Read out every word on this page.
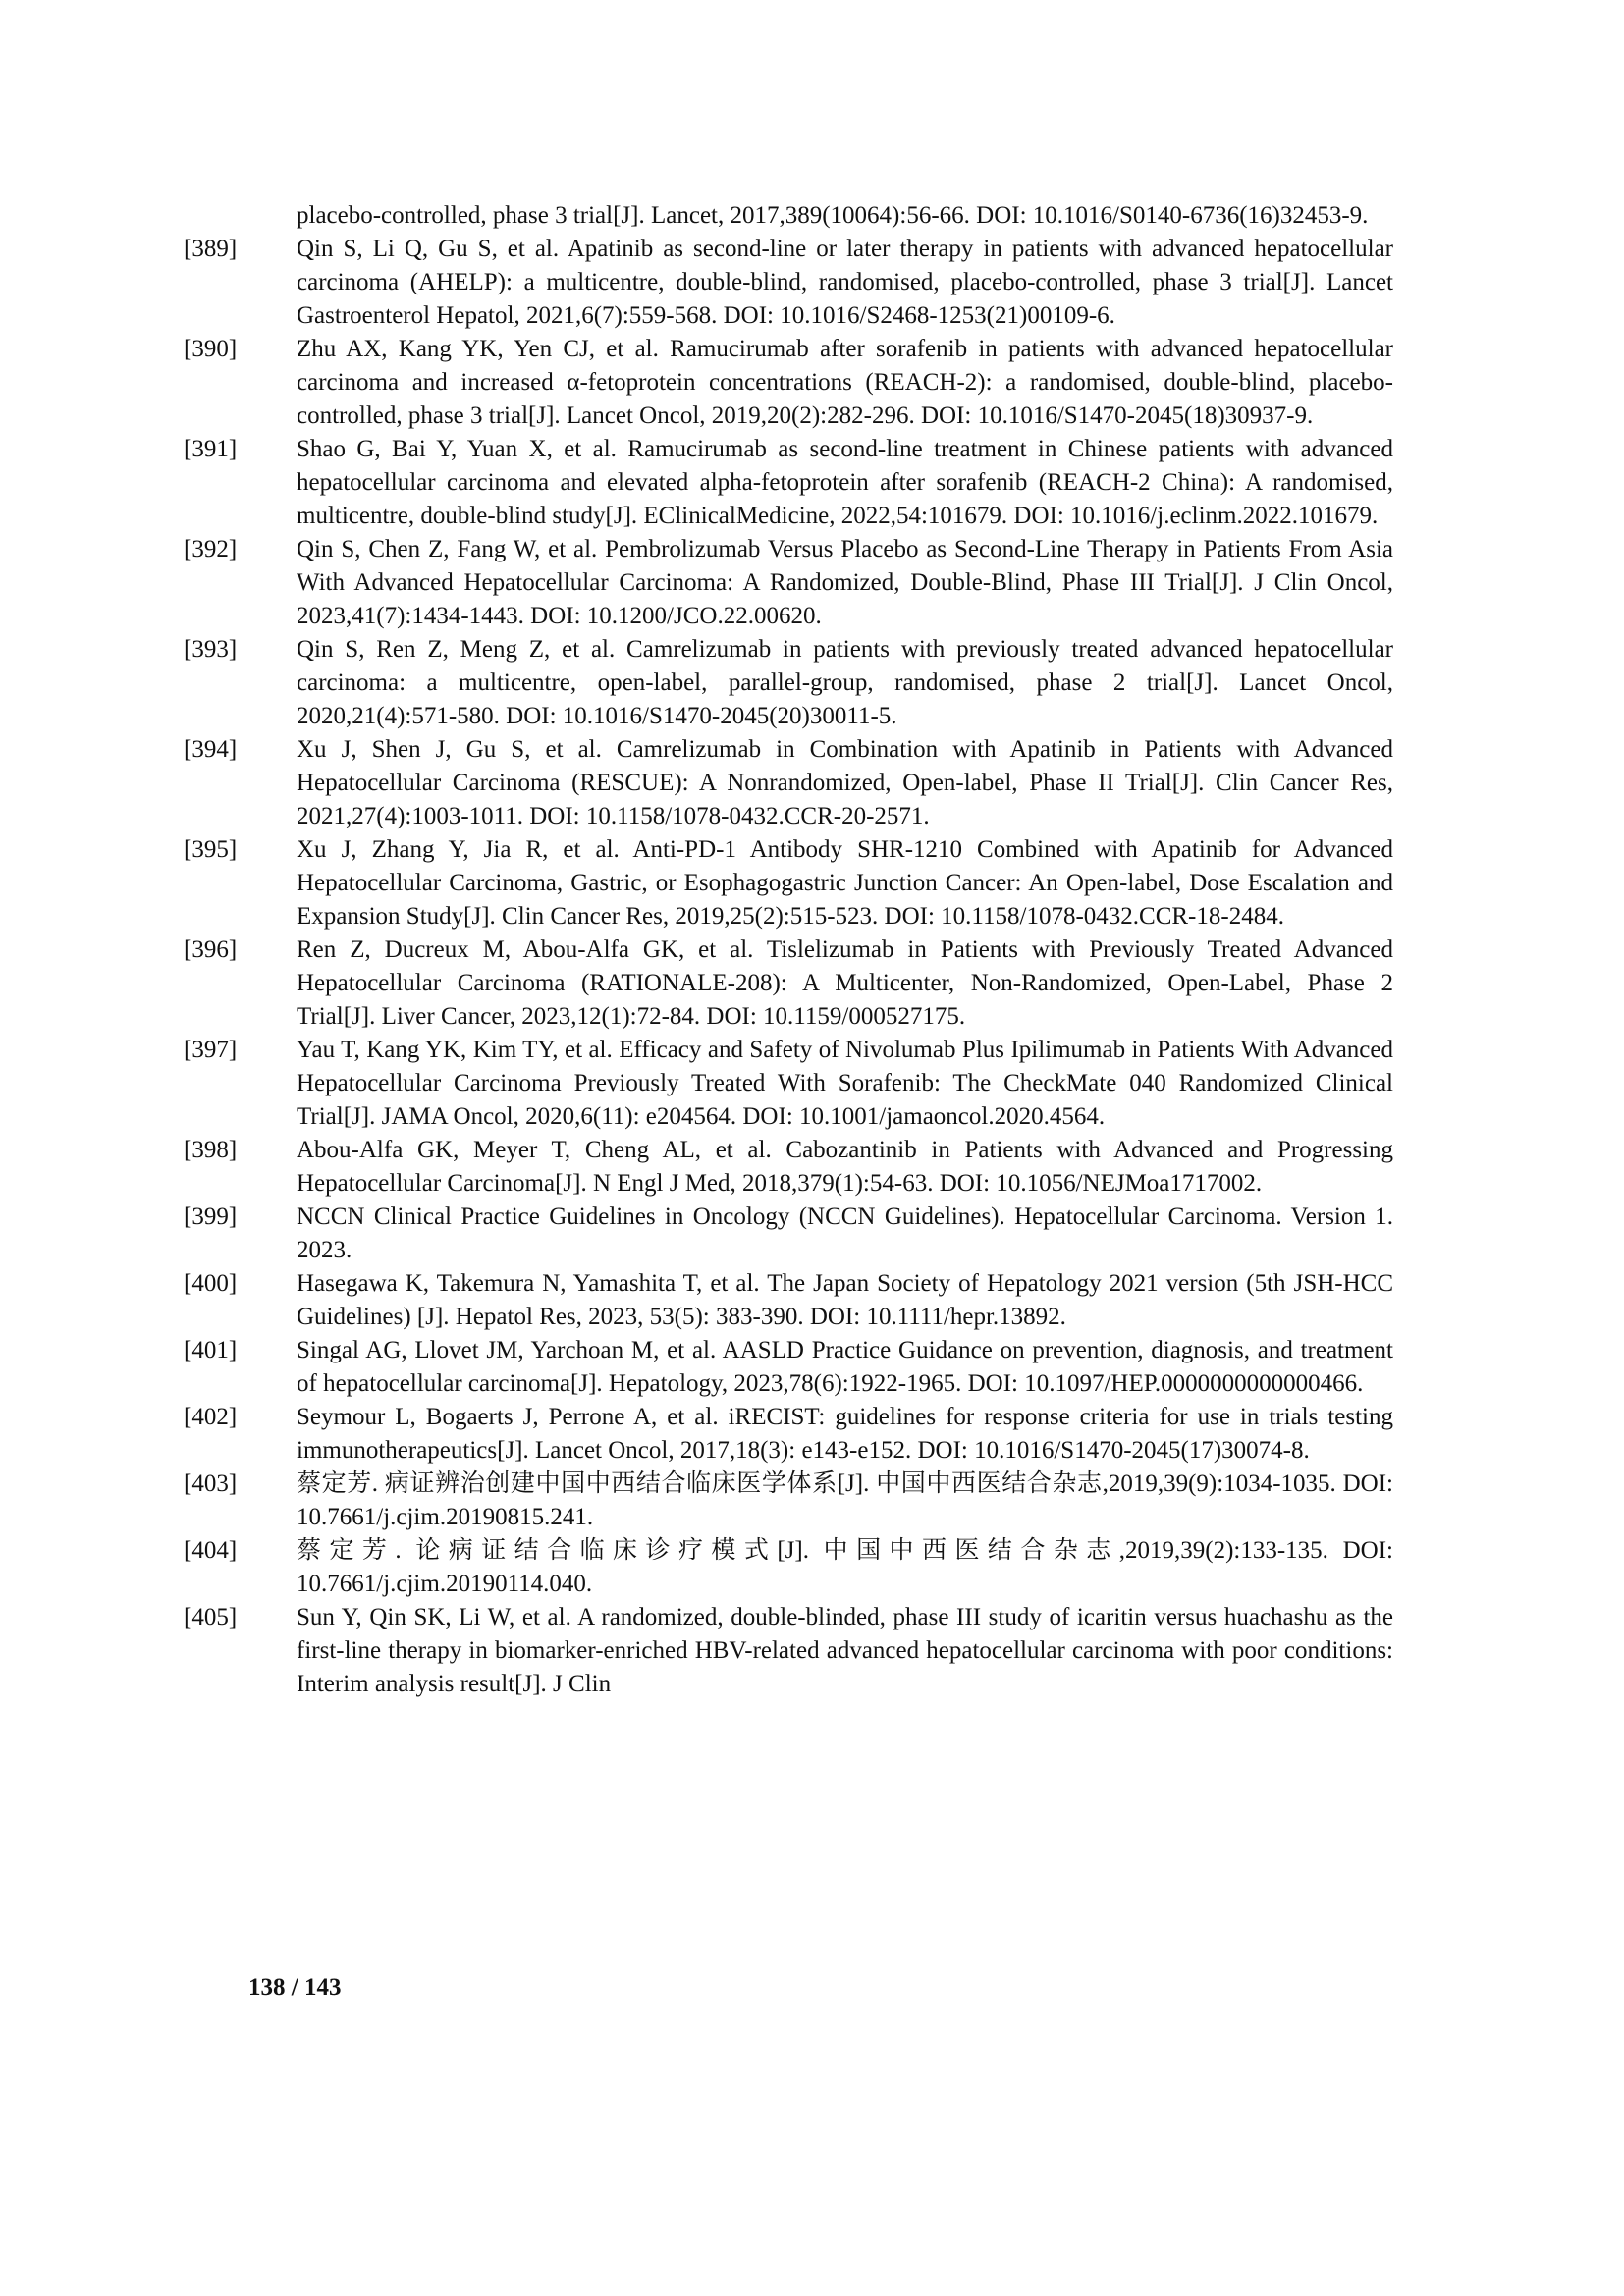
placebo-controlled, phase 3 trial[J]. Lancet, 2017,389(10064):56-66. DOI: 10.1016/S0140-6736(16)32453-9.
[389]	Qin S, Li Q, Gu S, et al. Apatinib as second-line or later therapy in patients with advanced hepatocellular carcinoma (AHELP): a multicentre, double-blind, randomised, placebo-controlled, phase 3 trial[J]. Lancet Gastroenterol Hepatol, 2021,6(7):559-568. DOI: 10.1016/S2468-1253(21)00109-6.
[390]	Zhu AX, Kang YK, Yen CJ, et al. Ramucirumab after sorafenib in patients with advanced hepatocellular carcinoma and increased α-fetoprotein concentrations (REACH-2): a randomised, double-blind, placebo-controlled, phase 3 trial[J]. Lancet Oncol, 2019,20(2):282-296. DOI: 10.1016/S1470-2045(18)30937-9.
[391]	Shao G, Bai Y, Yuan X, et al. Ramucirumab as second-line treatment in Chinese patients with advanced hepatocellular carcinoma and elevated alpha-fetoprotein after sorafenib (REACH-2 China): A randomised, multicentre, double-blind study[J]. EClinicalMedicine, 2022,54:101679. DOI: 10.1016/j.eclinm.2022.101679.
[392]	Qin S, Chen Z, Fang W, et al. Pembrolizumab Versus Placebo as Second-Line Therapy in Patients From Asia With Advanced Hepatocellular Carcinoma: A Randomized, Double-Blind, Phase III Trial[J]. J Clin Oncol, 2023,41(7):1434-1443. DOI: 10.1200/JCO.22.00620.
[393]	Qin S, Ren Z, Meng Z, et al. Camrelizumab in patients with previously treated advanced hepatocellular carcinoma: a multicentre, open-label, parallel-group, randomised, phase 2 trial[J]. Lancet Oncol, 2020,21(4):571-580. DOI: 10.1016/S1470-2045(20)30011-5.
[394]	Xu J, Shen J, Gu S, et al. Camrelizumab in Combination with Apatinib in Patients with Advanced Hepatocellular Carcinoma (RESCUE): A Nonrandomized, Open-label, Phase II Trial[J]. Clin Cancer Res, 2021,27(4):1003-1011. DOI: 10.1158/1078-0432.CCR-20-2571.
[395]	Xu J, Zhang Y, Jia R, et al. Anti-PD-1 Antibody SHR-1210 Combined with Apatinib for Advanced Hepatocellular Carcinoma, Gastric, or Esophagogastric Junction Cancer: An Open-label, Dose Escalation and Expansion Study[J]. Clin Cancer Res, 2019,25(2):515-523. DOI: 10.1158/1078-0432.CCR-18-2484.
[396]	Ren Z, Ducreux M, Abou-Alfa GK, et al. Tislelizumab in Patients with Previously Treated Advanced Hepatocellular Carcinoma (RATIONALE-208): A Multicenter, Non-Randomized, Open-Label, Phase 2 Trial[J]. Liver Cancer, 2023,12(1):72-84. DOI: 10.1159/000527175.
[397]	Yau T, Kang YK, Kim TY, et al. Efficacy and Safety of Nivolumab Plus Ipilimumab in Patients With Advanced Hepatocellular Carcinoma Previously Treated With Sorafenib: The CheckMate 040 Randomized Clinical Trial[J]. JAMA Oncol, 2020,6(11): e204564. DOI: 10.1001/jamaoncol.2020.4564.
[398]	Abou-Alfa GK, Meyer T, Cheng AL, et al. Cabozantinib in Patients with Advanced and Progressing Hepatocellular Carcinoma[J]. N Engl J Med, 2018,379(1):54-63. DOI: 10.1056/NEJMoa1717002.
[399]	NCCN Clinical Practice Guidelines in Oncology (NCCN Guidelines). Hepatocellular Carcinoma. Version 1. 2023.
[400]	Hasegawa K, Takemura N, Yamashita T, et al. The Japan Society of Hepatology 2021 version (5th JSH-HCC Guidelines) [J]. Hepatol Res, 2023, 53(5): 383-390. DOI: 10.1111/hepr.13892.
[401]	Singal AG, Llovet JM, Yarchoan M, et al. AASLD Practice Guidance on prevention, diagnosis, and treatment of hepatocellular carcinoma[J]. Hepatology, 2023,78(6):1922-1965. DOI: 10.1097/HEP.0000000000000466.
[402]	Seymour L, Bogaerts J, Perrone A, et al. iRECIST: guidelines for response criteria for use in trials testing immunotherapeutics[J]. Lancet Oncol, 2017,18(3): e143-e152. DOI: 10.1016/S1470-2045(17)30074-8.
[403]	蔡定芳. 病证辨治创建中国中西结合临床医学体系[J]. 中国中西医结合杂志,2019,39(9):1034-1035. DOI: 10.7661/j.cjim.20190815.241.
[404]	蔡定芳. 论病证结合临床诊疗模式[J]. 中国中西医结合杂志,2019,39(2):133-135. DOI: 10.7661/j.cjim.20190114.040.
[405]	Sun Y, Qin SK, Li W, et al. A randomized, double-blinded, phase III study of icaritin versus huachashu as the first-line therapy in biomarker-enriched HBV-related advanced hepatocellular carcinoma with poor conditions: Interim analysis result[J]. J Clin
138 / 143
